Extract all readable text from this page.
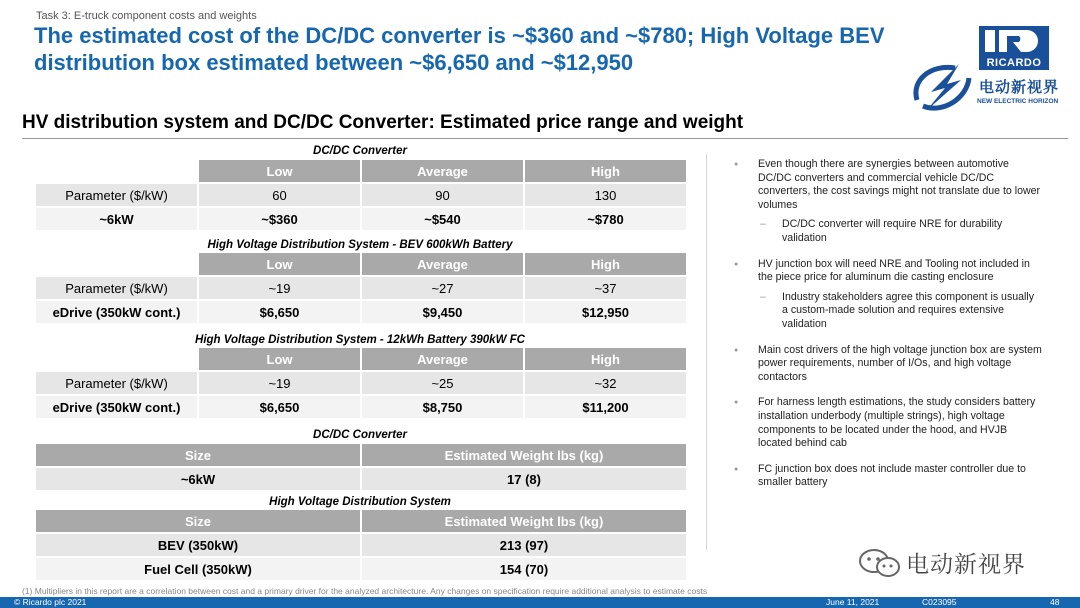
Task 3: E-truck component costs and weights
The estimated cost of the DC/DC converter is ~$360 and ~$780; High Voltage BEV distribution box estimated between ~$6,650 and ~$12,950	RICARDO
电动新视界
NEW ELECTRIC HORIZON
HV distribution system and DC/DC Converter: Estimated price range and weight
DC/DC Converter
	Low	Average	High
Parameter ($/kW)	60	90	130
~6kW	~$360	~$540	~$780
High Voltage Distribution System - BEV 600kWh Battery
	Low	Average	High
Parameter ($/kW)	~19	~27	~37
eDrive (350kW cont.)	$6,650	$9,450	$12,950
High Voltage Distribution System - 12kWh Battery 390kW FC
	Low	Average	High
Parameter ($/kW)	~19	~25	~32
eDrive (350kW cont.)	$6,650	$8,750	$11,200
DC/DC Converter
Size	Estimated Weight lbs (kg)
~6kW	17 (8)
High Voltage Distribution System
Size	Estimated Weight lbs (kg)
BEV (350kW)	213 (97)
Fuel Cell (350kW)	154 (70)
● Even though there are synergies between automotive DC/DC converters and commercial vehicle DC/DC converters, the cost savings might not translate due to lower volumes
– DC/DC converter will require NRE for durability validation
● HV junction box will need NRE and Tooling not included in the piece price for aluminum die casting enclosure
– Industry stakeholders agree this component is usually a custom-made solution and requires extensive validation
● Main cost drivers of the high voltage junction box are system power requirements, number of I/Os, and high voltage contactors
● For harness length estimations, the study considers battery installation underbody (multiple strings), high voltage components to be located under the hood, and HVJB located behind cab
● FC junction box does not include master controller due to smaller battery
电动新视界
(1) Multipliers in this report are a correlation between cost and a primary driver for the analyzed architecture. Any changes on specification require additional analysis to estimate costs
© Ricardo plc 2021	June 11, 2021	C023095	48
